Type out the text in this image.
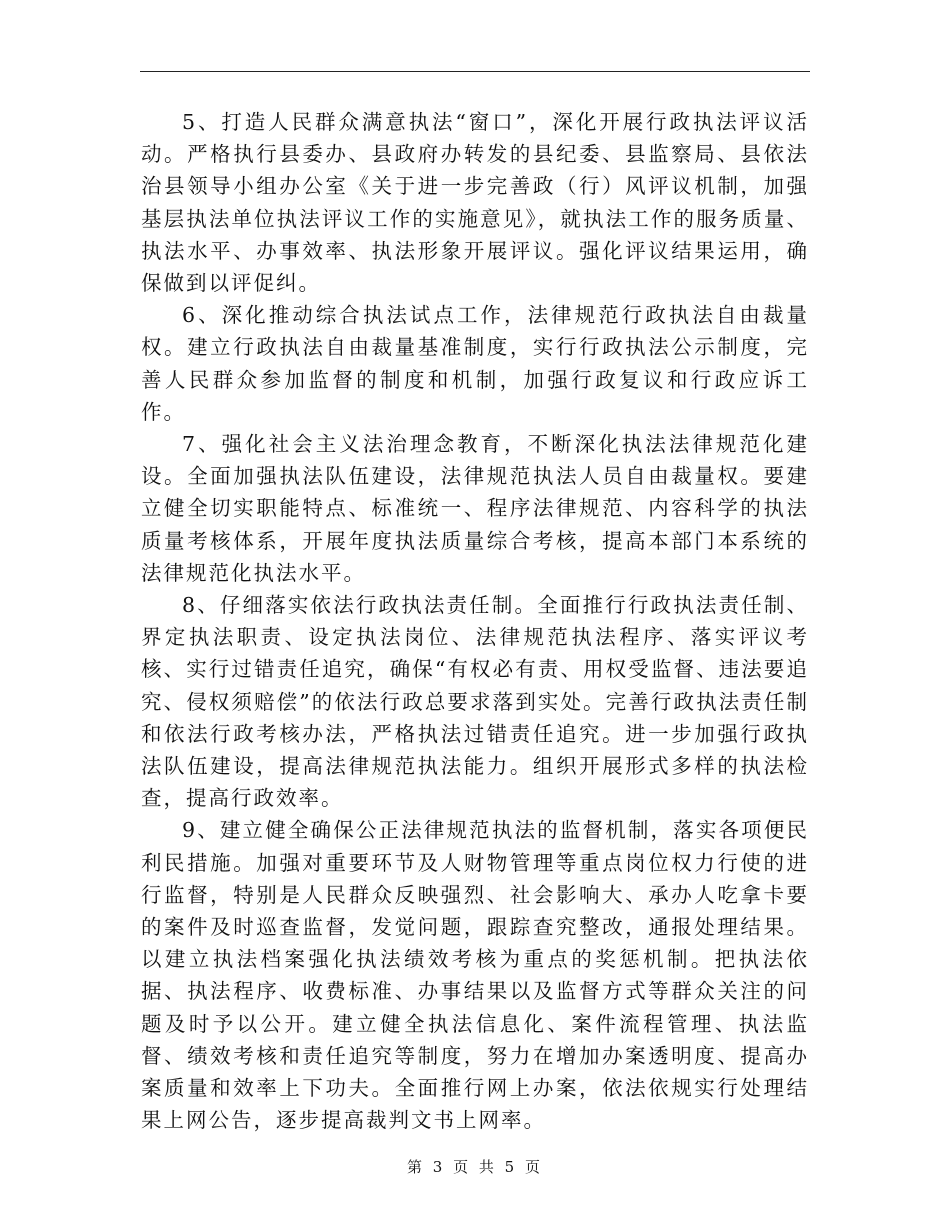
5、打造人民群众满意执法“窗口”，深化开展行政执法评议活动。严格执行县委办、县政府办转发的县纪委、县监察局、县依法治县领导小组办公室《关于进一步完善政（行）风评议机制，加强基层执法单位执法评议工作的实施意见》，就执法工作的服务质量、执法水平、办事效率、执法形象开展评议。强化评议结果运用，确保做到以评促纠。

6、深化推动综合执法试点工作，法律规范行政执法自由裁量权。建立行政执法自由裁量基准制度，实行行政执法公示制度，完善人民群众参加监督的制度和机制，加强行政复议和行政应诉工作。

7、强化社会主义法治理念教育，不断深化执法法律规范化建设。全面加强执法队伍建设，法律规范执法人员自由裁量权。要建立健全切实职能特点、标准统一、程序法律规范、内容科学的执法质量考核体系，开展年度执法质量综合考核，提高本部门本系统的法律规范化执法水平。

8、仔细落实依法行政执法责任制。全面推行行政执法责任制、界定执法职责、设定执法岗位、法律规范执法程序、落实评议考核、实行过错责任追究，确保“有权必有责、用权受监督、违法要追究、侵权须赔偿”的依法行政总要求落到实处。完善行政执法责任制和依法行政考核办法，严格执法过错责任追究。进一步加强行政执法队伍建设，提高法律规范执法能力。组织开展形式多样的执法检查，提高行政效率。

9、建立健全确保公正法律规范执法的监督机制，落实各项便民利民措施。加强对重要环节及人财物管理等重点岗位权力行使的进行监督，特别是人民群众反映强烈、社会影响大、承办人吃拿卡要的案件及时巡查监督，发觉问题，跟踪查究整改，通报处理结果。以建立执法档案强化执法绩效考核为重点的奖惩机制。把执法依据、执法程序、收费标准、办事结果以及监督方式等群众关注的问题及时予以公开。建立健全执法信息化、案件流程管理、执法监督、绩效考核和责任追究等制度，努力在增加办案透明度、提高办案质量和效率上下功夫。全面推行网上办案，依法依规实行处理结果上网公告，逐步提高裁判文书上网率。

第 3 页 共 5 页
